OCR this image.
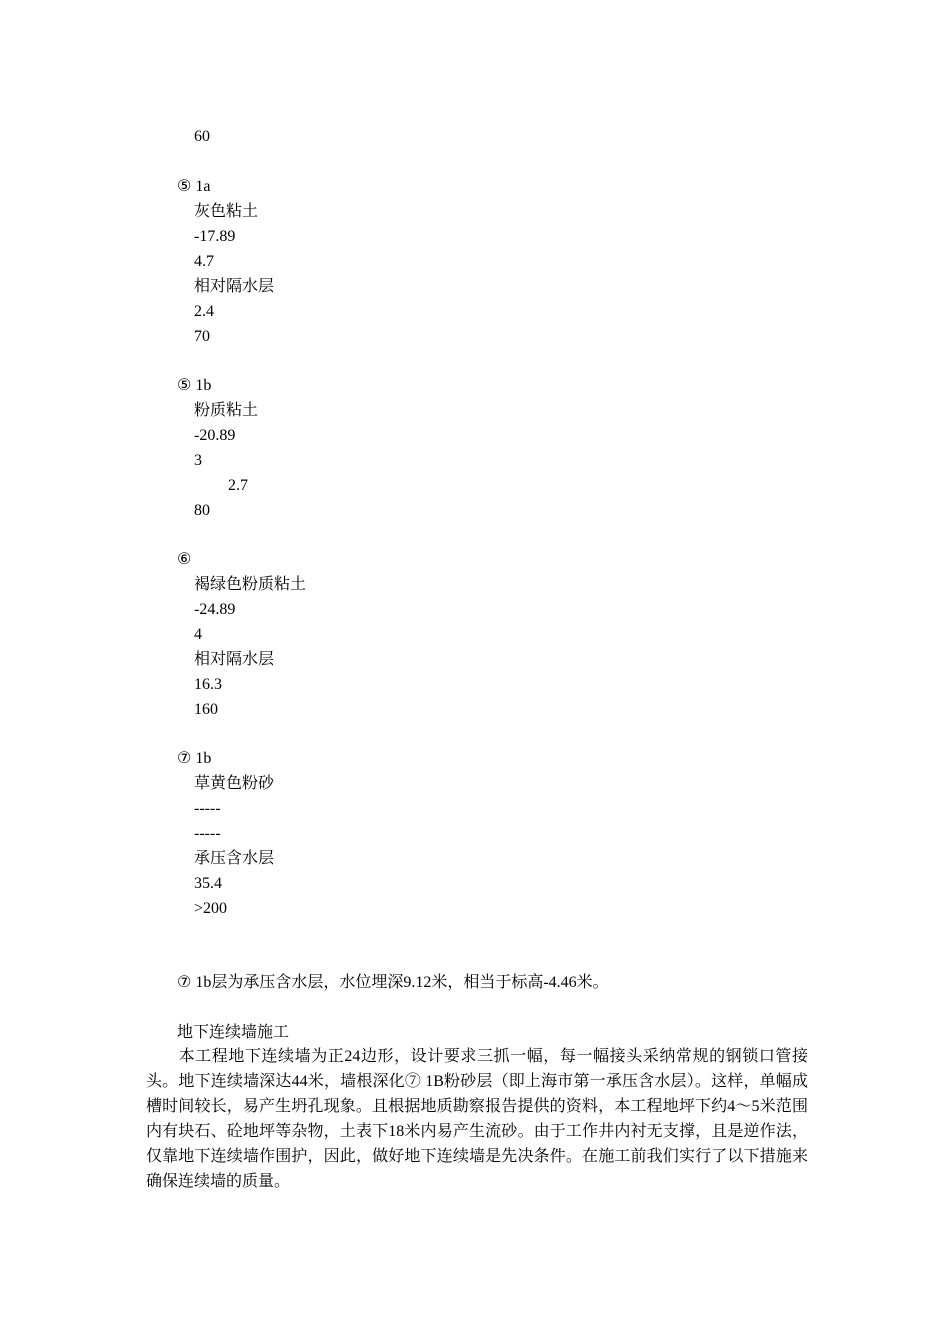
60
⑤ 1a
灰色粘土
-17.89
4.7
相对隔水层
2.4
70
⑤ 1b
粉质粘土
-20.89
3
2.7
80
⑥
褐绿色粉质粘土
-24.89
4
相对隔水层
16.3
160
⑦ 1b
草黄色粉砂
-----
-----
承压含水层
35.4
>200
⑦ 1b层为承压含水层，水位埋深9.12米，相当于标高-4.46米。
地下连续墙施工
本工程地下连续墙为正24边形，设计要求三抓一幅，每一幅接头采纳常规的钢锁口管接头。地下连续墙深达44米，墙根深化⑦ 1B粉砂层（即上海市第一承压含水层）。这样，单幅成槽时间较长，易产生坍孔现象。且根据地质勘察报告提供的资料，本工程地坪下约4～5米范围内有块石、砼地坪等杂物，土表下18米内易产生流砂。由于工作井内衬无支撑，且是逆作法，仅靠地下连续墙作围护，因此，做好地下连续墙是先决条件。在施工前我们实行了以下措施来确保连续墙的质量。
